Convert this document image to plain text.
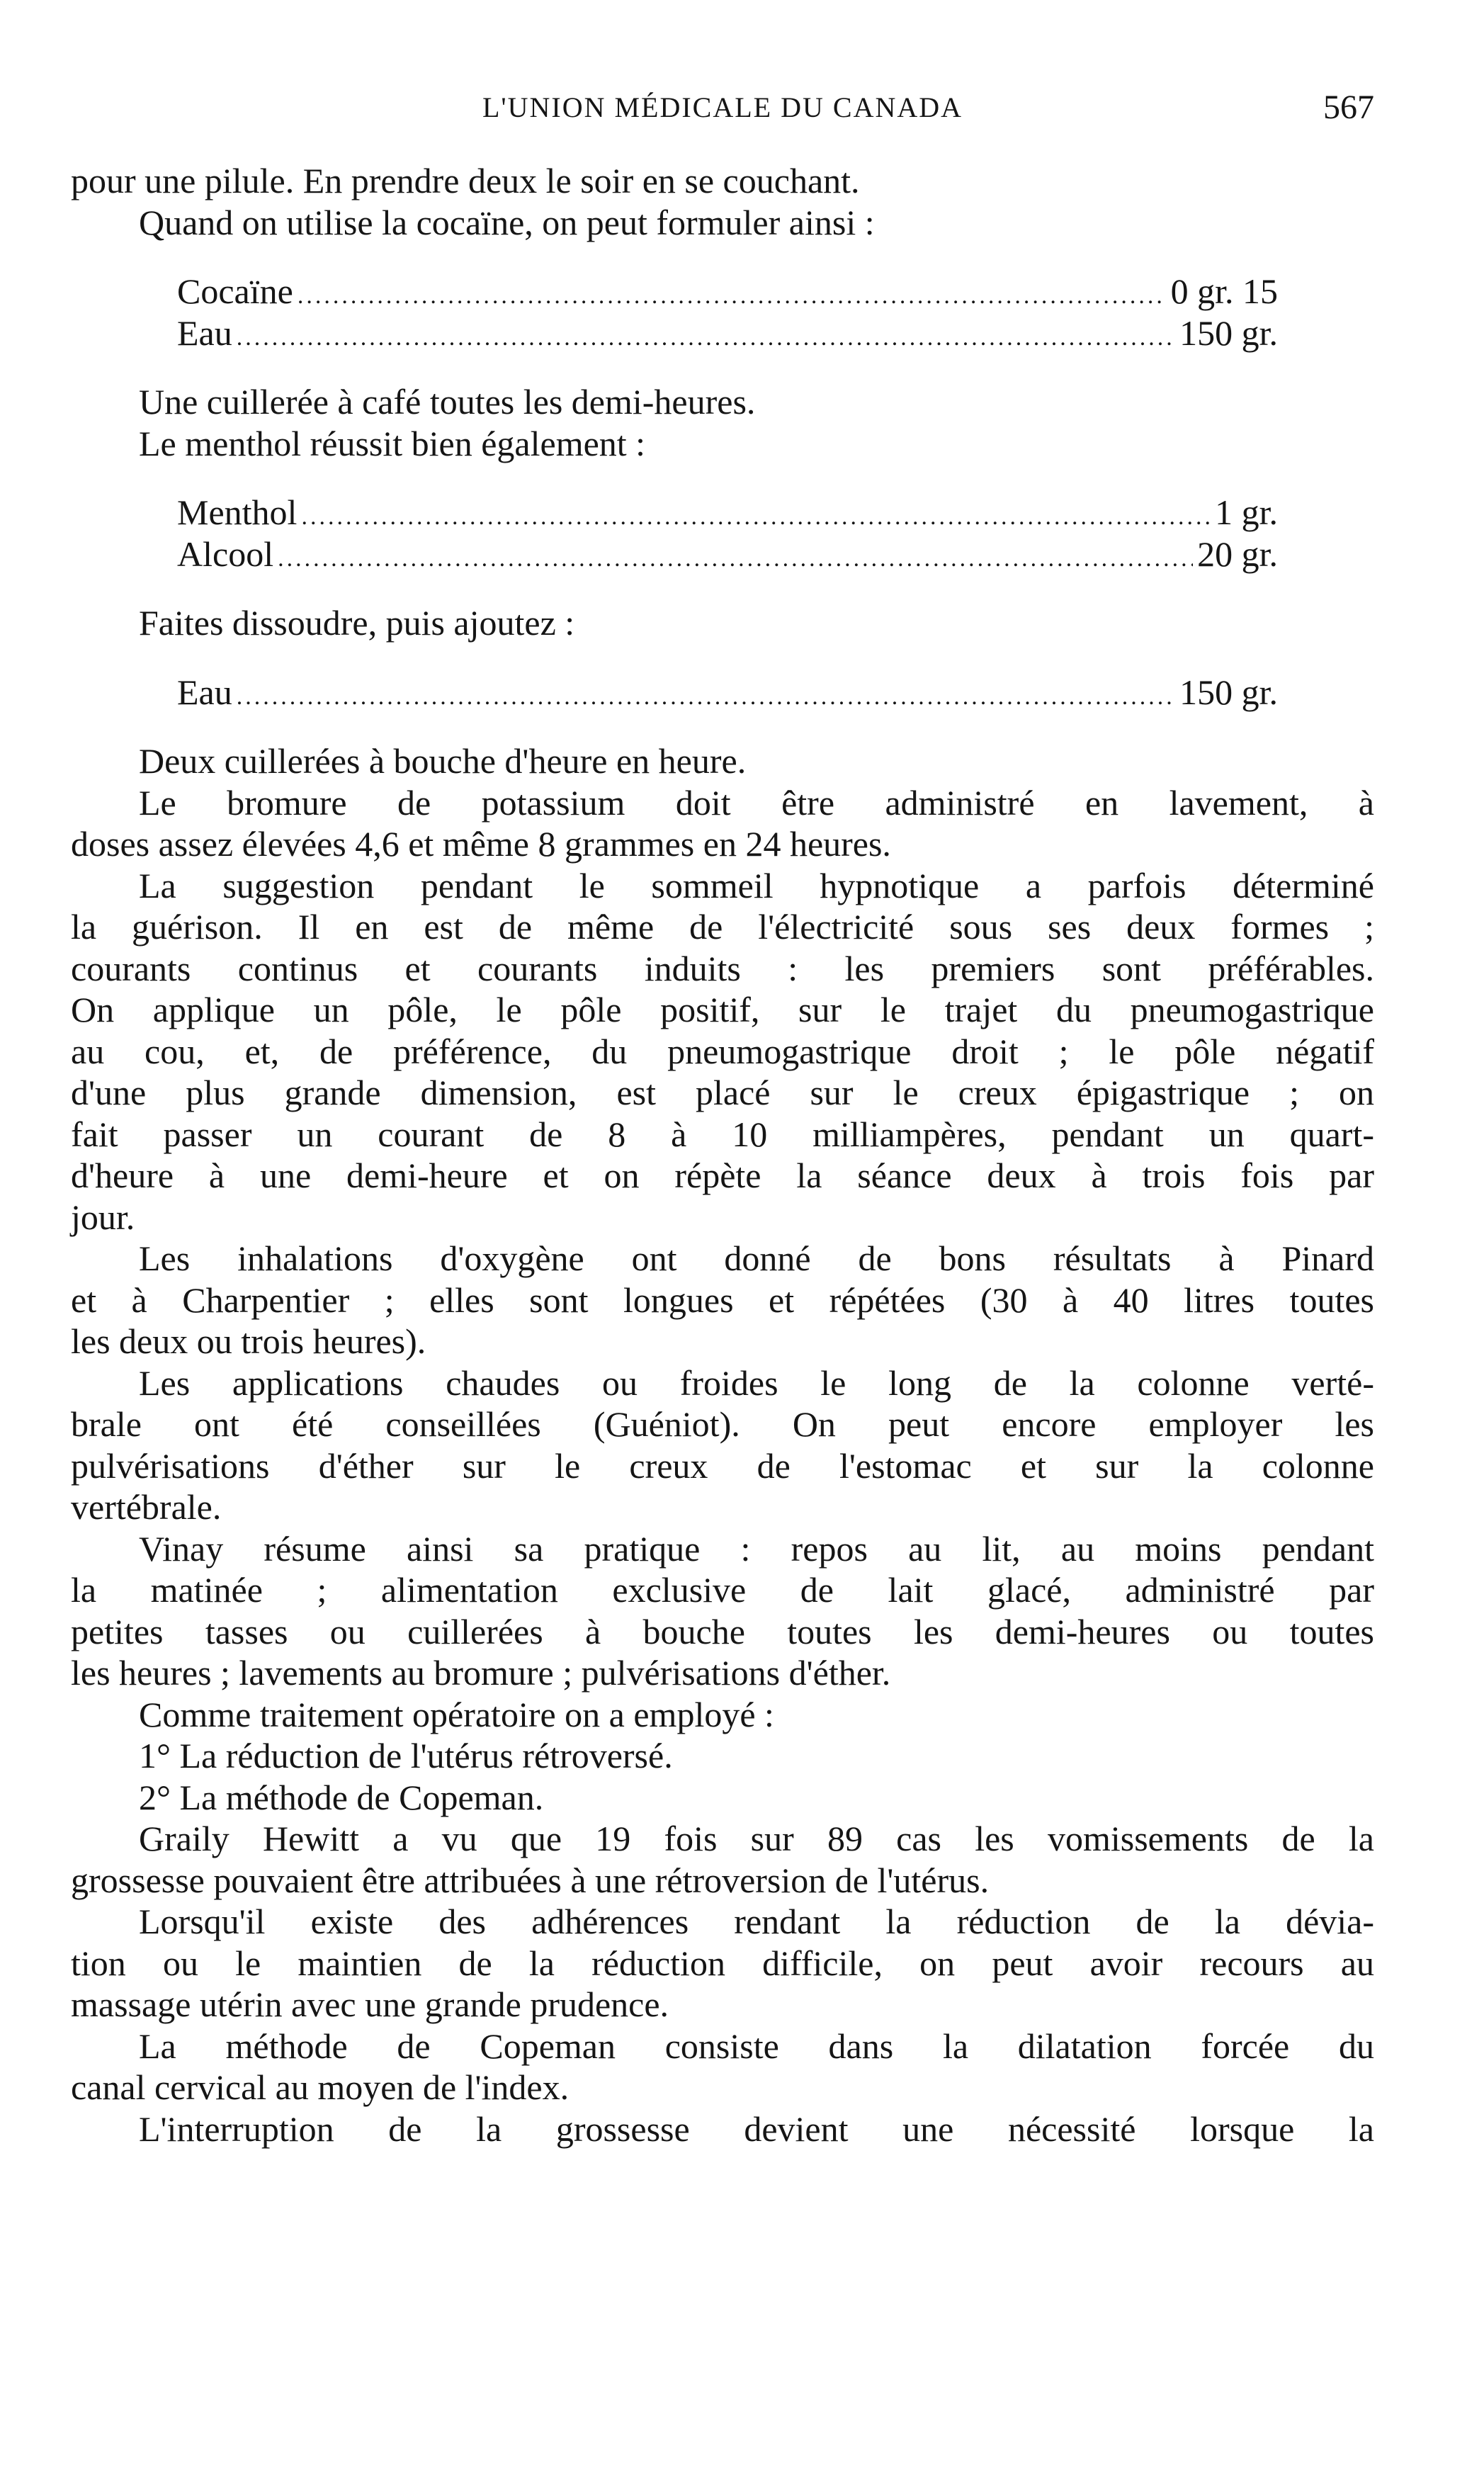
L'UNION MÉDICALE DU CANADA	567
pour une pilule. En prendre deux le soir en se couchant.
Quand on utilise la cocaïne, on peut formuler ainsi :
Cocaïne .....	0 gr. 15
Eau .....	150 gr.
Une cuillerée à café toutes les demi-heures.
Le menthol réussit bien également :
Menthol .....	1 gr.
Alcool .....	20 gr.
Faites dissoudre, puis ajoutez :
Eau .....	150 gr.
Deux cuillerées à bouche d'heure en heure.
Le bromure de potassium doit être administré en lavement, à
doses assez élevées 4,6 et même 8 grammes en 24 heures.
La suggestion pendant le sommeil hypnotique a parfois déterminé
la guérison. Il en est de même de l'électricité sous ses deux formes ;
courants continus et courants induits : les premiers sont préférables.
On applique un pôle, le pôle positif, sur le trajet du pneumogastrique
au cou, et, de préférence, du pneumogastrique droit ; le pôle négatif
d'une plus grande dimension, est placé sur le creux épigastrique ; on
fait passer un courant de 8 à 10 milliampères, pendant un quart-
d'heure à une demi-heure et on répète la séance deux à trois fois par
jour.
Les inhalations d'oxygène ont donné de bons résultats à Pinard
et à Charpentier ; elles sont longues et répétées (30 à 40 litres toutes
les deux ou trois heures).
Les applications chaudes ou froides le long de la colonne verté-
brale ont été conseillées (Guéniot). On peut encore employer les
pulvérisations d'éther sur le creux de l'estomac et sur la colonne
vertébrale.
Vinay résume ainsi sa pratique : repos au lit, au moins pendant
la matinée ; alimentation exclusive de lait glacé, administré par
petites tasses ou cuillerées à bouche toutes les demi-heures ou toutes
les heures ; lavements au bromure ; pulvérisations d'éther.
Comme traitement opératoire on a employé :
1° La réduction de l'utérus rétroversé.
2° La méthode de Copeman.
Graily Hewitt a vu que 19 fois sur 89 cas les vomissements de la
grossesse pouvaient être attribuées à une rétroversion de l'utérus.
Lorsqu'il existe des adhérences rendant la réduction de la dévia-
tion ou le maintien de la réduction difficile, on peut avoir recours au
massage utérin avec une grande prudence.
La méthode de Copeman consiste dans la dilatation forcée du
canal cervical au moyen de l'index.
L'interruption de la grossesse devient une nécessité lorsque la
